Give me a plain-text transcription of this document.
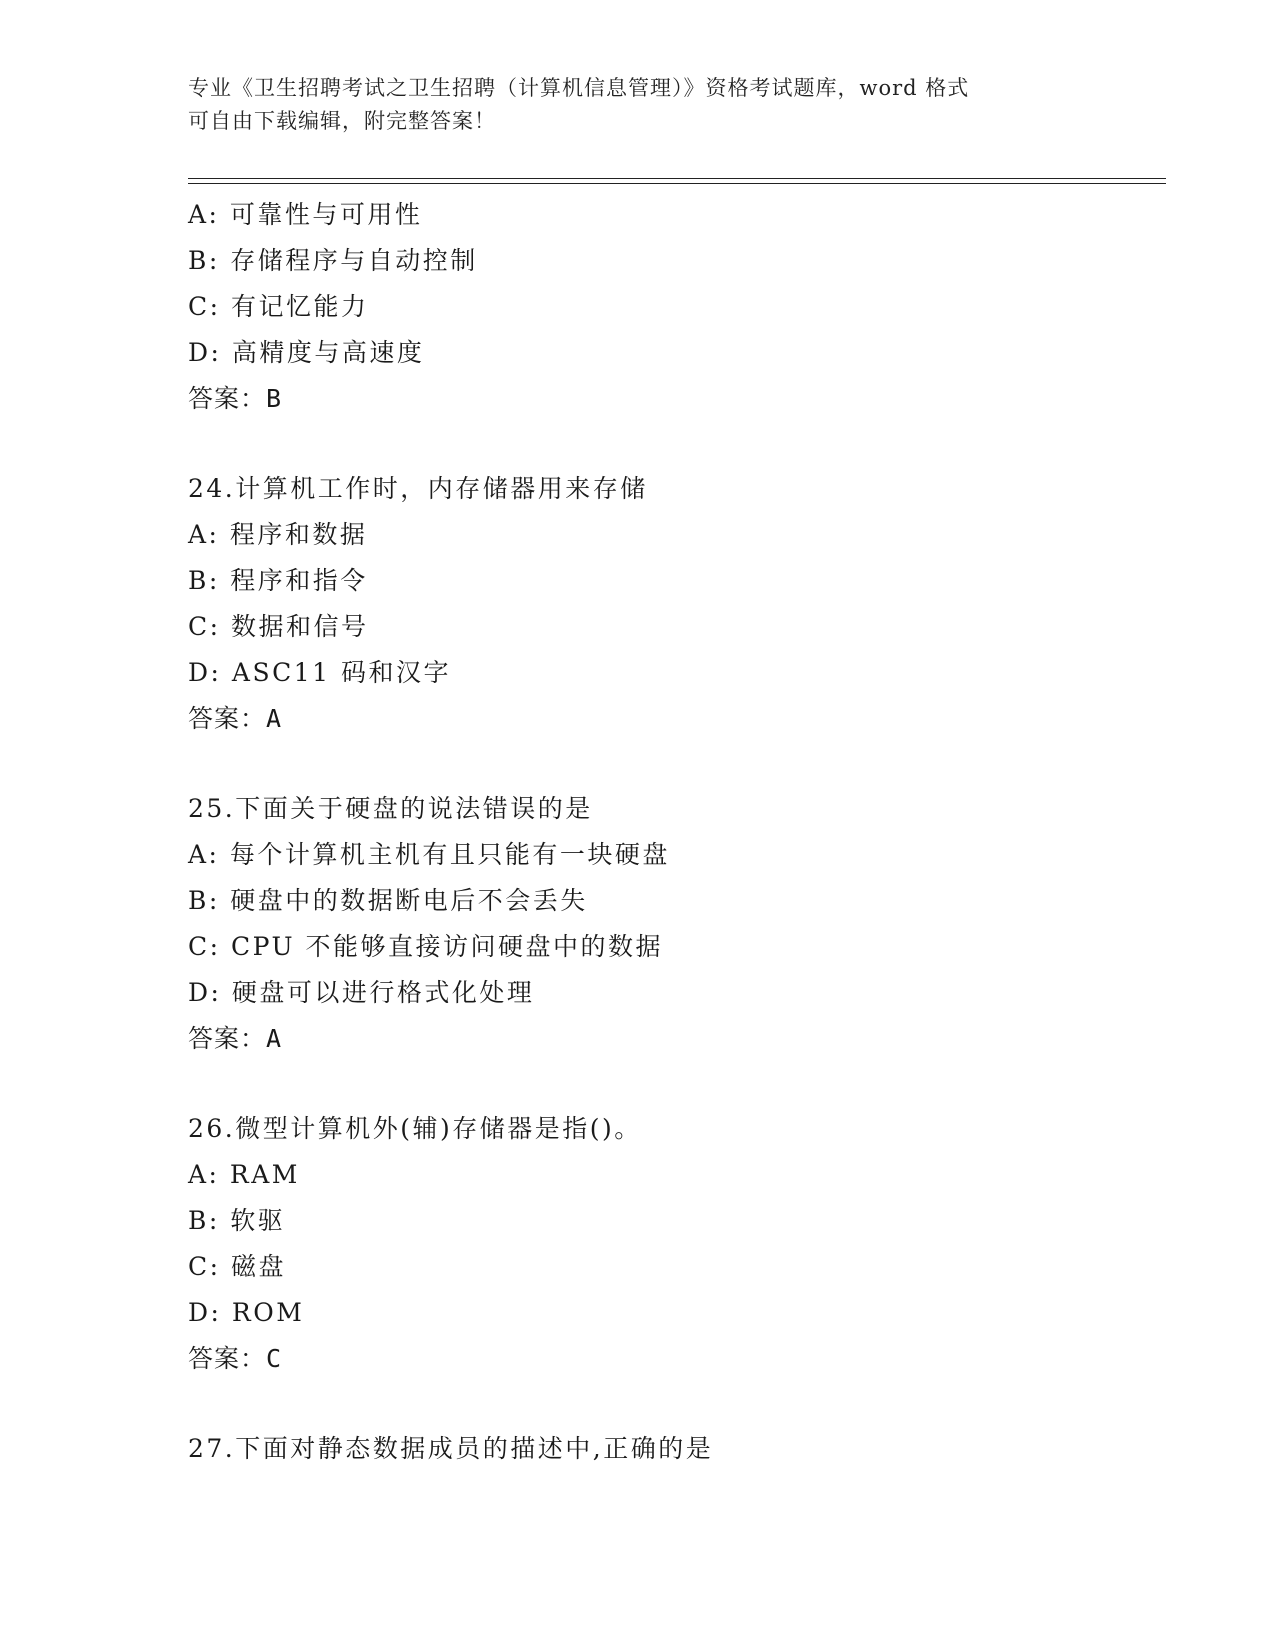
专业《卫生招聘考试之卫生招聘（计算机信息管理）》资格考试题库，word 格式
可自由下载编辑，附完整答案！
A: 可靠性与可用性
B: 存储程序与自动控制
C: 有记忆能力
D: 高精度与高速度
答案：B
24.计算机工作时，内存储器用来存储
A: 程序和数据
B: 程序和指令
C: 数据和信号
D: ASC11 码和汉字
答案：A
25.下面关于硬盘的说法错误的是
A: 每个计算机主机有且只能有一块硬盘
B: 硬盘中的数据断电后不会丢失
C: CPU 不能够直接访问硬盘中的数据
D: 硬盘可以进行格式化处理
答案：A
26.微型计算机外(辅)存储器是指()。
A: RAM
B: 软驱
C: 磁盘
D: ROM
答案：C
27.下面对静态数据成员的描述中,正确的是
